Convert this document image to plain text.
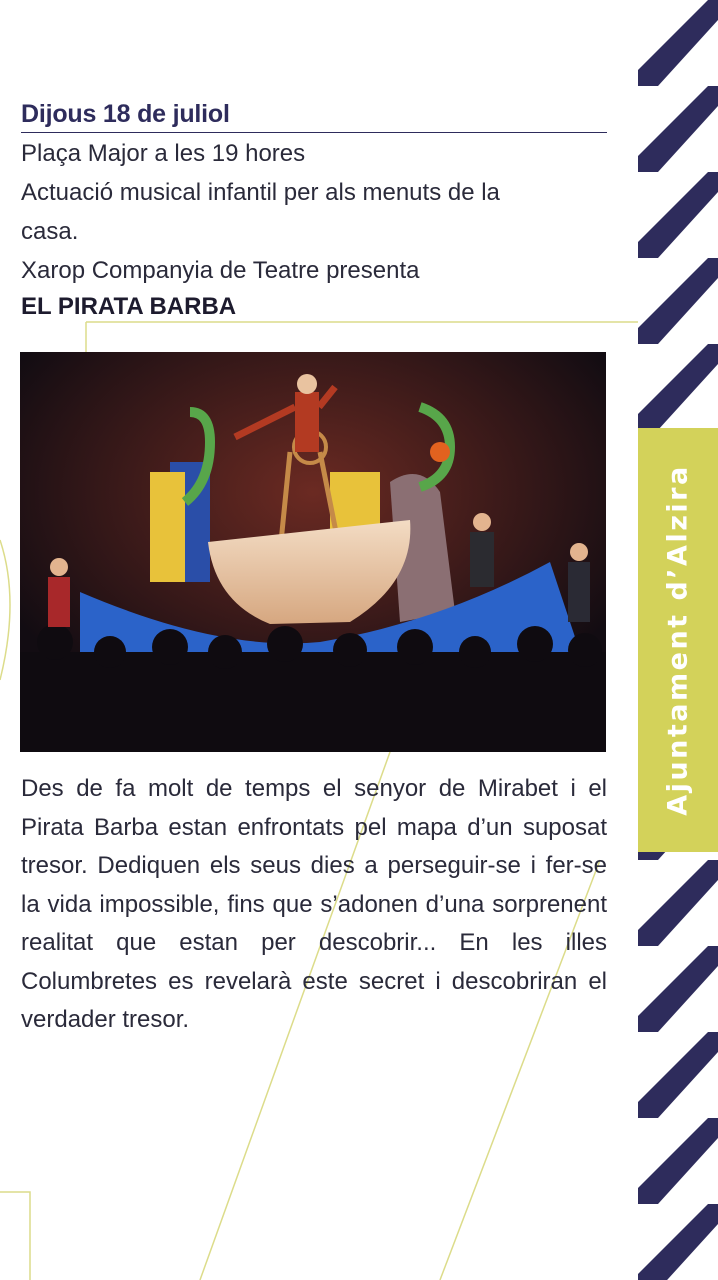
Ajuntament d’Alzira
Dijous 18 de juliol
Plaça Major a les 19 hores
Actuació musical infantil per als menuts de la
casa.
Xarop Companyia de Teatre presenta
EL PIRATA BARBA
Des de fa molt de temps el senyor de Mirabet i el Pirata Barba estan enfrontats pel mapa d’un suposat tresor. Dediquen els seus dies a perseguir-se i fer-se la vida impossible, fins que s’adonen d’una sorprenent realitat que estan per descobrir... En les illes Columbretes es revelarà este secret i descobriran el verdader tresor.
